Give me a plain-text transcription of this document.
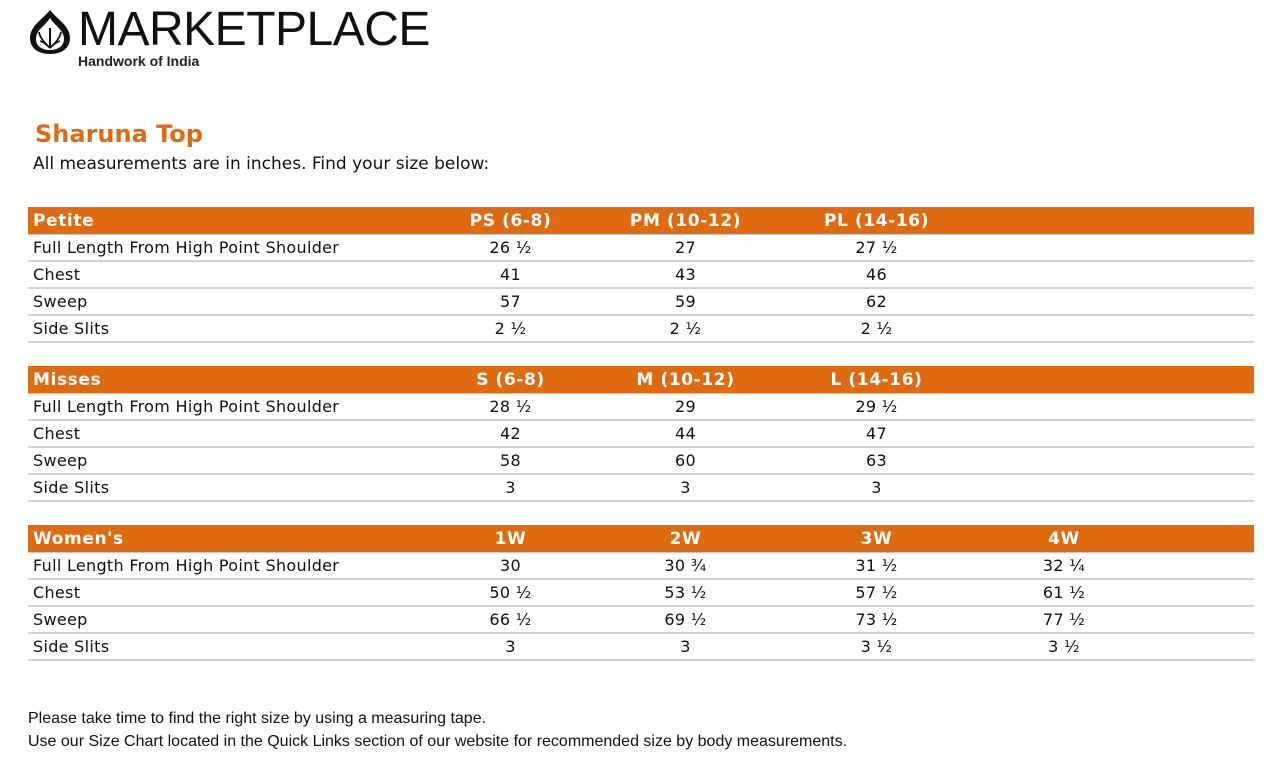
MARKETPLACE
Handwork of India
Sharuna Top
All measurements are in inches. Find your size below:
Petite	PS (6-8)	PM (10-12)	PL (14-16)		
Full Length From High Point Shoulder	26 ½	27	27 ½		
Chest	41	43	46		
Sweep	57	59	62		
Side Slits	2 ½	2 ½	2 ½		
Misses	S (6-8)	M (10-12)	L (14-16)		
Full Length From High Point Shoulder	28 ½	29	29 ½		
Chest	42	44	47		
Sweep	58	60	63		
Side Slits	3	3	3		
Women's	1W	2W	3W	4W	
Full Length From High Point Shoulder	30	30 ¾	31 ½	32 ¼	
Chest	50 ½	53 ½	57 ½	61 ½	
Sweep	66 ½	69 ½	73 ½	77 ½	
Side Slits	3	3	3 ½	3 ½	
Please take time to find the right size by using a measuring tape.
Use our Size Chart located in the Quick Links section of our website for recommended size by body measurements.
